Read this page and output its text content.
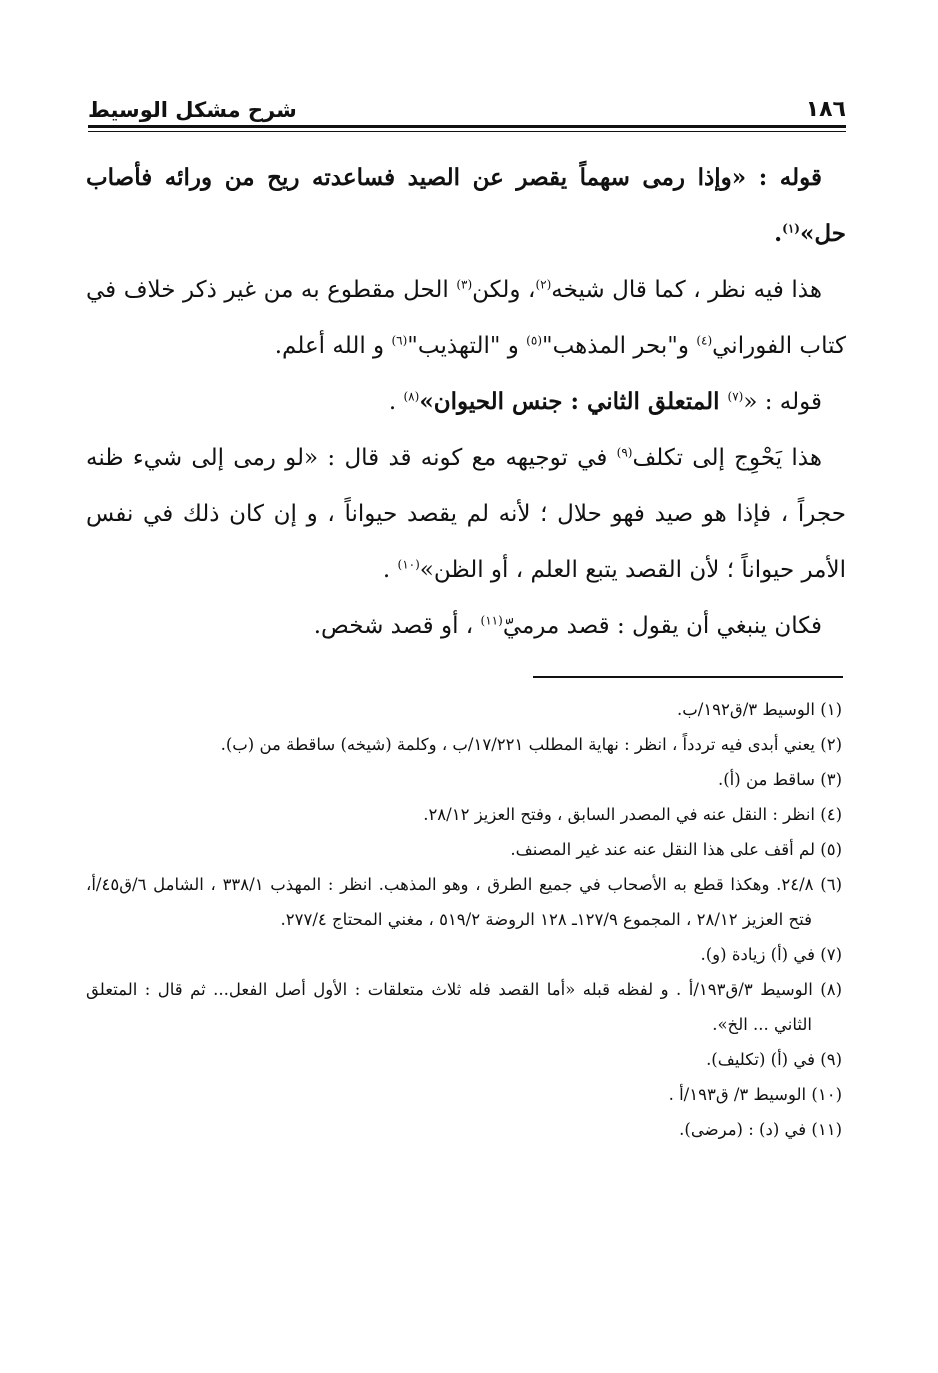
١٨٦
شرح مشكل الوسيط

قوله : «وإذا رمى سهماً يقصر عن الصيد فساعدته ريح من ورائه فأصاب حل»$^{(١)}$.

هذا فيه نظر ، كما قال شيخه$^{(٢)}$، ولكن$^{(٣)}$ الحل مقطوع به من غير ذكر خلاف في كتاب الفوراني$^{(٤)}$ و"بحر المذهب"$^{(٥)}$ و "التهذيب"$^{(٦)}$ و الله أعلم.

قوله : «$^{(٧)}$ المتعلق الثاني : جنس الحيوان»$^{(٨)}$ .

هذا يَحْوِج إلى تكلف$^{(٩)}$ في توجيهه مع كونه قد قال : «لو رمى إلى شيء ظنه حجراً ، فإذا هو صيد فهو حلال ؛ لأنه لم يقصد حيواناً ، و إن كان ذلك في نفس الأمر حيواناً ؛ لأن القصد يتبع العلم ، أو الظن»$^{(١٠)}$ .

فكان ينبغي أن يقول : قصد مرميّ$^{(١١)}$ ، أو قصد شخص.

(١) الوسيط ٣/ق١٩٢/ب.

(٢) يعني أبدى فيه تردداً ، انظر : نهاية المطلب ١٧/٢٢١/ب ، وكلمة (شيخه) ساقطة من (ب).

(٣) ساقط من (أ).

(٤) انظر : النقل عنه في المصدر السابق ، وفتح العزيز ٢٨/١٢.

(٥) لم أقف على هذا النقل عنه عند غير المصنف.

(٦) ٢٤/٨. وهكذا قطع به الأصحاب في جميع الطرق ، وهو المذهب. انظر : المهذب ٣٣٨/١ ، الشامل ٦/ق٤٥/أ، فتح العزيز ٢٨/١٢ ، المجموع ١٢٧/٩ـ ١٢٨ الروضة ٥١٩/٢ ، مغني المحتاج ٢٧٧/٤.

(٧) في (أ) زيادة (و).

(٨) الوسيط ٣/ق١٩٣/أ . و لفظه قبله «أما القصد فله ثلاث متعلقات : الأول أصل الفعل... ثم قال : المتعلق الثاني ... الخ».

(٩) في (أ) (تكليف).

(١٠) الوسيط ٣/ ق١٩٣/أ .

(١١) في (د) : (مرضى).
